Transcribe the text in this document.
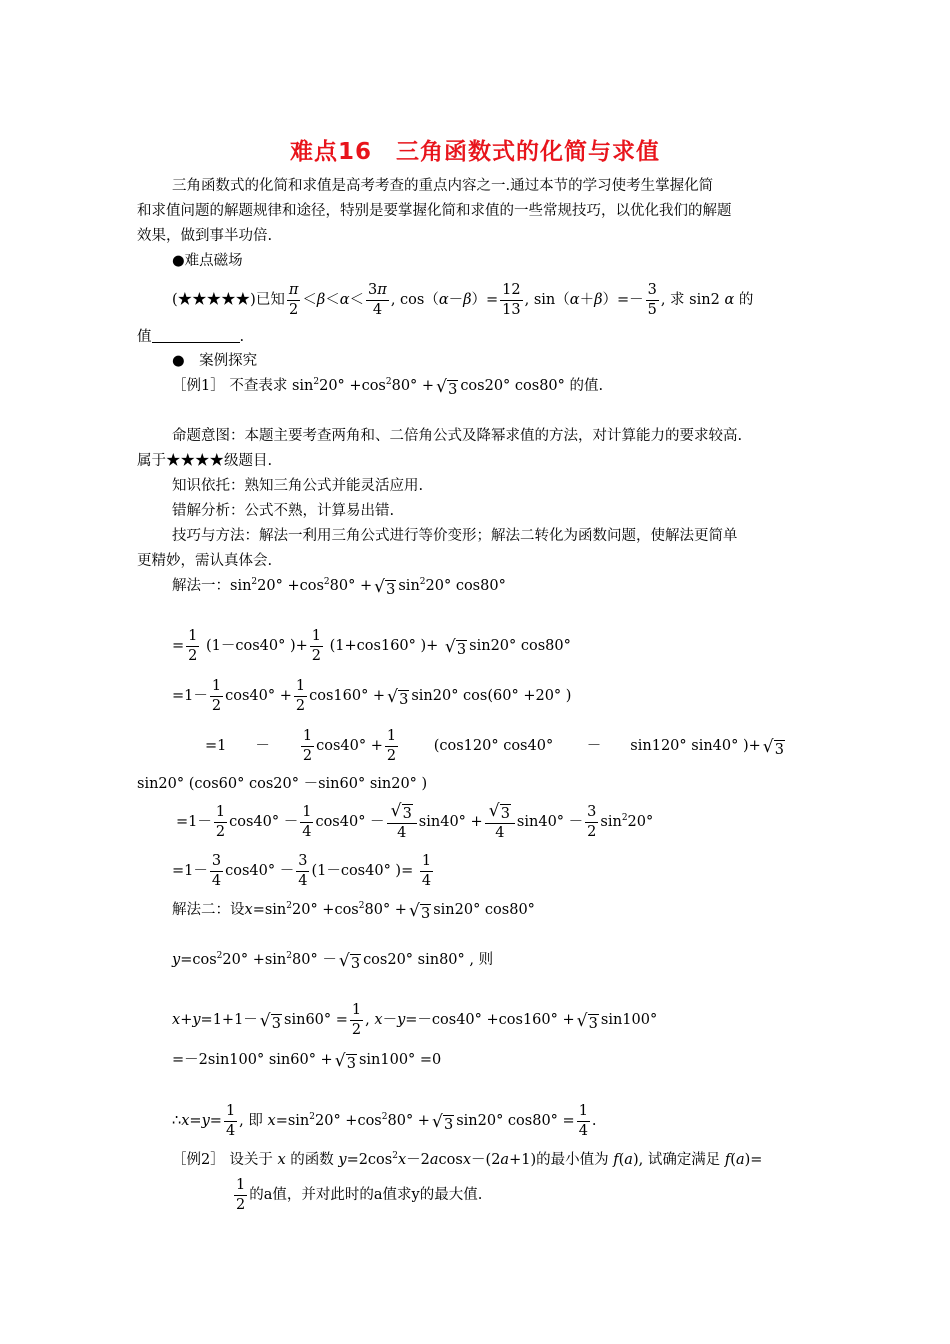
难点16　三角函数式的化简与求值
三角函数式的化简和求值是高考考查的重点内容之一.通过本节的学习使考生掌握化简
和求值问题的解题规律和途径，特别是要掌握化简和求值的一些常规技巧，以优化我们的解题
效果，做到事半功倍.
●难点磁场
(★★★★★)已知 $\frac{\pi}{2} <\beta<\alpha< \frac{3\pi}{4}$ , $\cos(\alpha-\beta)= \frac{12}{13}$ , $\sin(\alpha+\beta)=- \frac{3}{5}$ , 求 sin2 α 的
值	.
●　案例探究
［例1］ 不查表求 $\sin^220^\circ +\cos^280^\circ$ + √ 3 cos20° cos80° 的值.
命题意图：本题主要考查两角和、二倍角公式及降幂求值的方法，对计算能力的要求较高.
属于★★★★级题目.
知识依托：熟知三角公式并能灵活应用.
错解分析：公式不熟，计算易出错.
技巧与方法：解法一利用三角公式进行等价变形；解法二转化为函数问题，使解法更简单
更精妙，需认真体会.
解法一：$\sin^220^\circ +\cos^280^\circ$ + √ 3 $\sin^220^\circ$ cos80°
= $\frac{1}{2} (1-\cos 40^\circ$ )+ $\frac{1}{2} (1+\cos 160^\circ$ )+ √ 3 sin20° cos80°
$=1- \frac{1}{2} \cos 40^\circ + \frac{1}{2} \cos 160^\circ$ + √ 3 sin20° cos(60° +20° )
=1　　－　　 $\frac{1}{2} \cos 40^\circ + \frac{1}{2}$ 　　 (cos120° cos40°　　 －　　sin120° sin40° )+ √ 3
sin20° (cos60° cos20° －sin60° sin20° )
$=1- \frac{1}{2} \cos 40^\circ - \frac{1}{4} \cos 40^\circ$ － √ $\frac{3}{4} \sin 40^\circ$ + √ $\frac{3}{4} \sin 40^\circ - \frac{3}{2} \sin^220^\circ$
$=1- \frac{3}{4} \cos 40^\circ - \frac{3}{4} (1-\cos 40^\circ$ )= $\frac{1}{4}$
解法二：设$x=\sin^220^\circ +\cos^280^\circ$ + √ 3 sin20° cos80°
$y=\cos^220^\circ +\sin^280^\circ$ － √ 3 cos20° sin80° , 则
x+y=1+1－ √ 3 $\sin 60^\circ = \frac{1}{2}$ , x－y=－cos40° +cos160° + √ 3 sin100°
=－2sin100° sin60° + √ 3 sin100° =0
∴x=y= $\frac{1}{4}$ , 即 $x=\sin^220^\circ +\cos^280^\circ$ + √ 3 sin20° $\cos 80^\circ = \frac{1}{4}$ .
［例2］ 设关于 x 的函数 $y=2\cos^2x-2acosx-(2a+1)$的最小值为 f(a), 试确定满足 f(a)=
$\frac{1}{2}$ 的a值，并对此时的a值求y的最大值.
